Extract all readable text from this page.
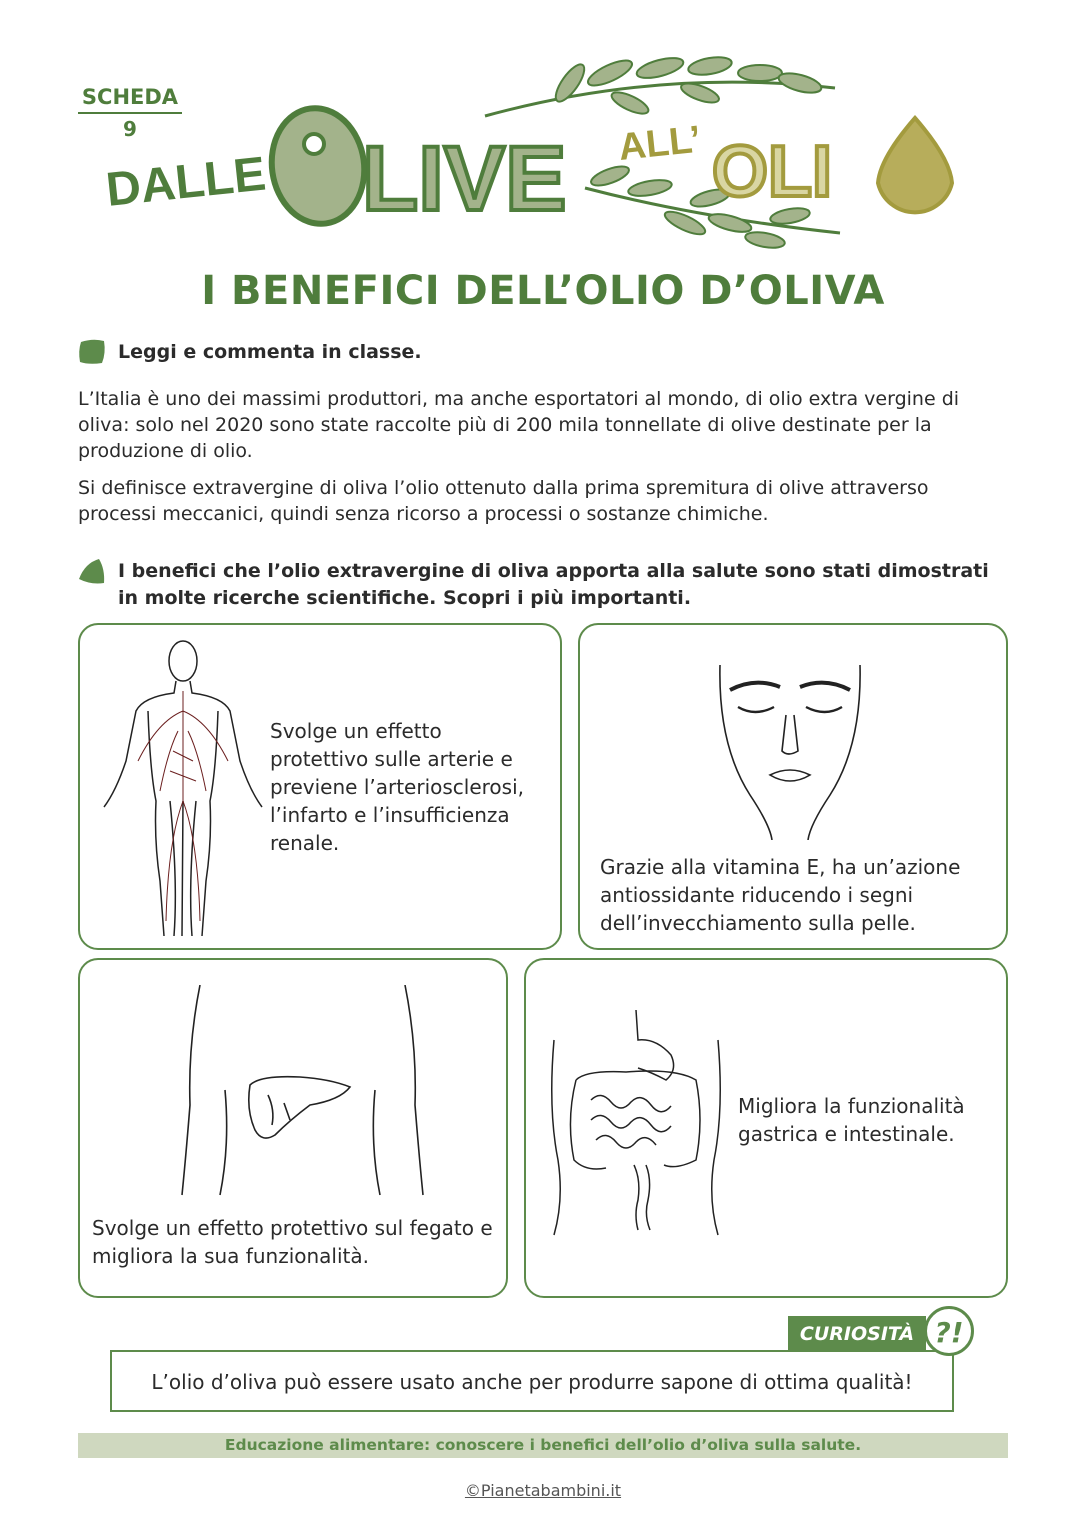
SCHEDA
9
DALLE LIVE ALL’ OLI
I BENEFICI DELL’OLIO D’OLIVA
Leggi e commenta in classe.
L’Italia è uno dei massimi produttori, ma anche esportatori al mondo, di olio extra vergine di oliva: solo nel 2020 sono state raccolte più di 200 mila tonnellate di olive destinate per la produzione di olio.
Si definisce extravergine di oliva l’olio ottenuto dalla prima spremitura di olive attraverso processi meccanici, quindi senza ricorso a processi o sostanze chimiche.
I benefici che l’olio extravergine di oliva apporta alla salute sono stati dimostrati in molte ricerche scientifiche. Scopri i più importanti.
Svolge un effetto protettivo sulle arterie e previene l’arteriosclerosi, l’infarto e l’insufficienza renale.
Grazie alla vitamina E, ha un’azione antiossidante riducendo i segni dell’invecchiamento sulla pelle.
Svolge un effetto protettivo sul fegato e migliora la sua funzionalità.
Migliora la funzionalità gastrica e intestinale.
L’olio d’oliva può essere usato anche per produrre sapone di ottima qualità!
CURIOSITÀ ?!
Educazione alimentare: conoscere i benefici dell’olio d’oliva sulla salute.
©Pianetabambini.it
